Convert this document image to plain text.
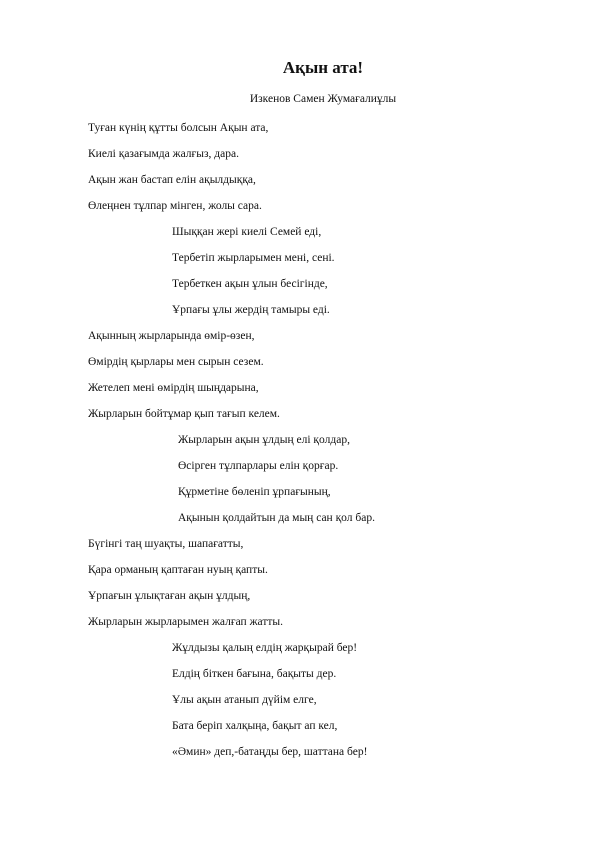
Ақын ата!
Изкенов Самен Жумағалиұлы
Туған күнің құтты болсын Ақын ата,
Киелі қазағымда жалғыз, дара.
Ақын жан бастап елін ақылдыққа,
Өлеңнен тұлпар мінген, жолы сара.
Шыққан жері киелі Семей еді,
Тербетіп жырларымен мені, сені.
Тербеткен ақын ұлын бесігінде,
Ұрпағы ұлы жердің тамыры еді.
Ақынның жырларында өмір-өзен,
Өмірдің қырлары мен сырын сезем.
Жетелеп мені өмірдің шыңдарына,
Жырларын бойтұмар қып тағып келем.
Жырларын ақын ұлдың елі қолдар,
Өсірген тұлпарлары елін қорғар.
Құрметіне бөленіп ұрпағының,
Ақынын қолдайтын да мың сан қол бар.
Бүгінгі таң шуақты, шапағатты,
Қара орманың қаптаған нуың қапты.
Ұрпағын ұлықтаған ақын ұлдың,
Жырларын жырларымен жалғап жатты.
Жұлдызы қалың елдің жарқырай бер!
Елдің біткен бағына, бақыты дер.
Ұлы ақын атанып дүйім елге,
Бата беріп халқыңа, бақыт ап кел,
«Әмин» деп,-батаңды бер, шаттана бер!
